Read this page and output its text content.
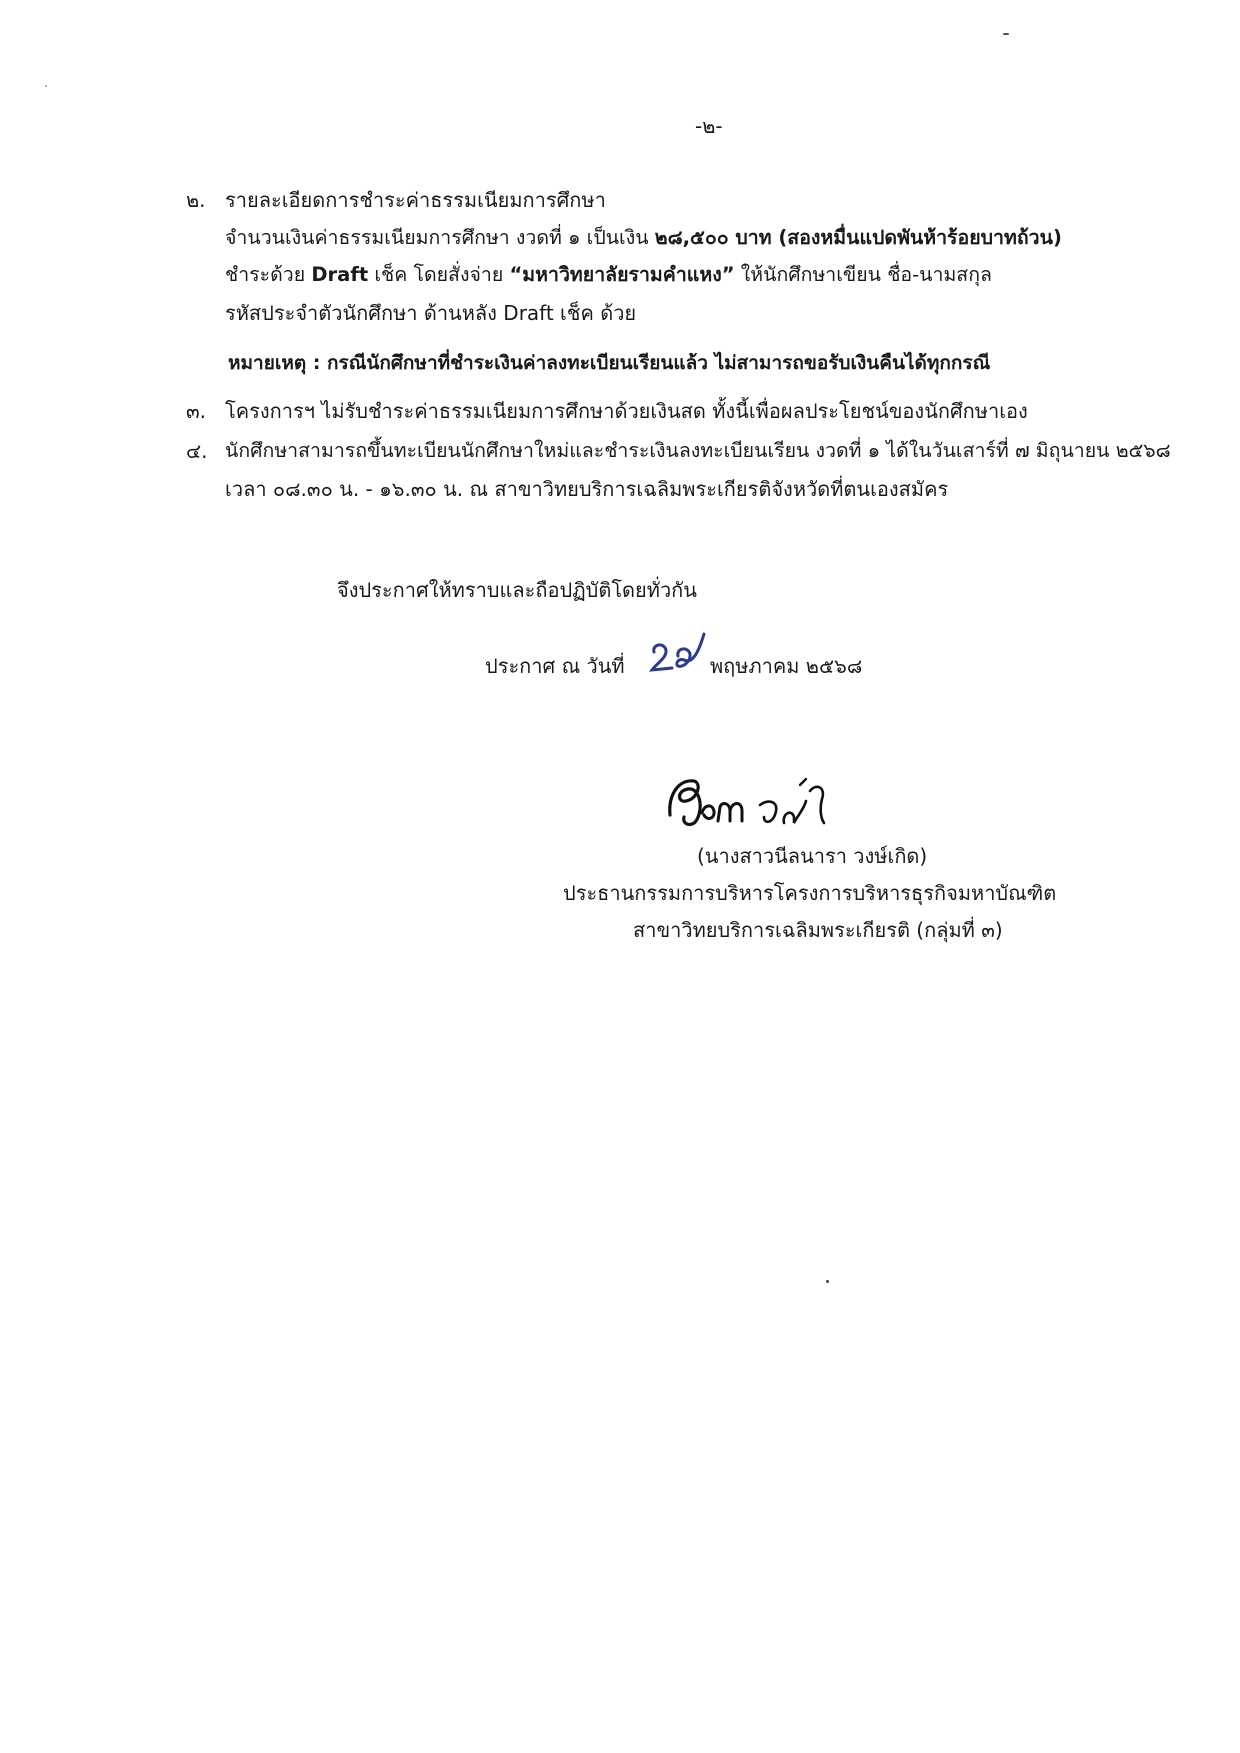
-๒-
๒. รายละเอียดการชำระค่าธรรมเนียมการศึกษา
จำนวนเงินค่าธรรมเนียมการศึกษา งวดที่ ๑ เป็นเงิน ๒๘,๕๐๐ บาท (สองหมื่นแปดพันห้าร้อยบาทถ้วน)
ชำระด้วย Draft เช็ค โดยสั่งจ่าย “มหาวิทยาลัยรามคำแหง” ให้นักศึกษาเขียน ชื่อ-นามสกุล
รหัสประจำตัวนักศึกษา ด้านหลัง Draft เช็ค ด้วย
หมายเหตุ : กรณีนักศึกษาที่ชำระเงินค่าลงทะเบียนเรียนแล้ว ไม่สามารถขอรับเงินคืนได้ทุกกรณี
๓. โครงการฯ ไม่รับชำระค่าธรรมเนียมการศึกษาด้วยเงินสด ทั้งนี้เพื่อผลประโยชน์ของนักศึกษาเอง
๔. นักศึกษาสามารถขึ้นทะเบียนนักศึกษาใหม่และชำระเงินลงทะเบียนเรียน งวดที่ ๑ ได้ในวันเสาร์ที่ ๗ มิถุนายน ๒๕๖๘
เวลา ๐๘.๓๐ น. - ๑๖.๓๐ น. ณ สาขาวิทยบริการเฉลิมพระเกียรติจังหวัดที่ตนเองสมัคร
จึงประกาศให้ทราบและถือปฏิบัติโดยทั่วกัน
ประกาศ ณ วันที่	พฤษภาคม ๒๕๖๘
(นางสาวนีลนารา วงษ์เกิด)
ประธานกรรมการบริหารโครงการบริหารธุรกิจมหาบัณฑิต
สาขาวิทยบริการเฉลิมพระเกียรติ (กลุ่มที่ ๓)
